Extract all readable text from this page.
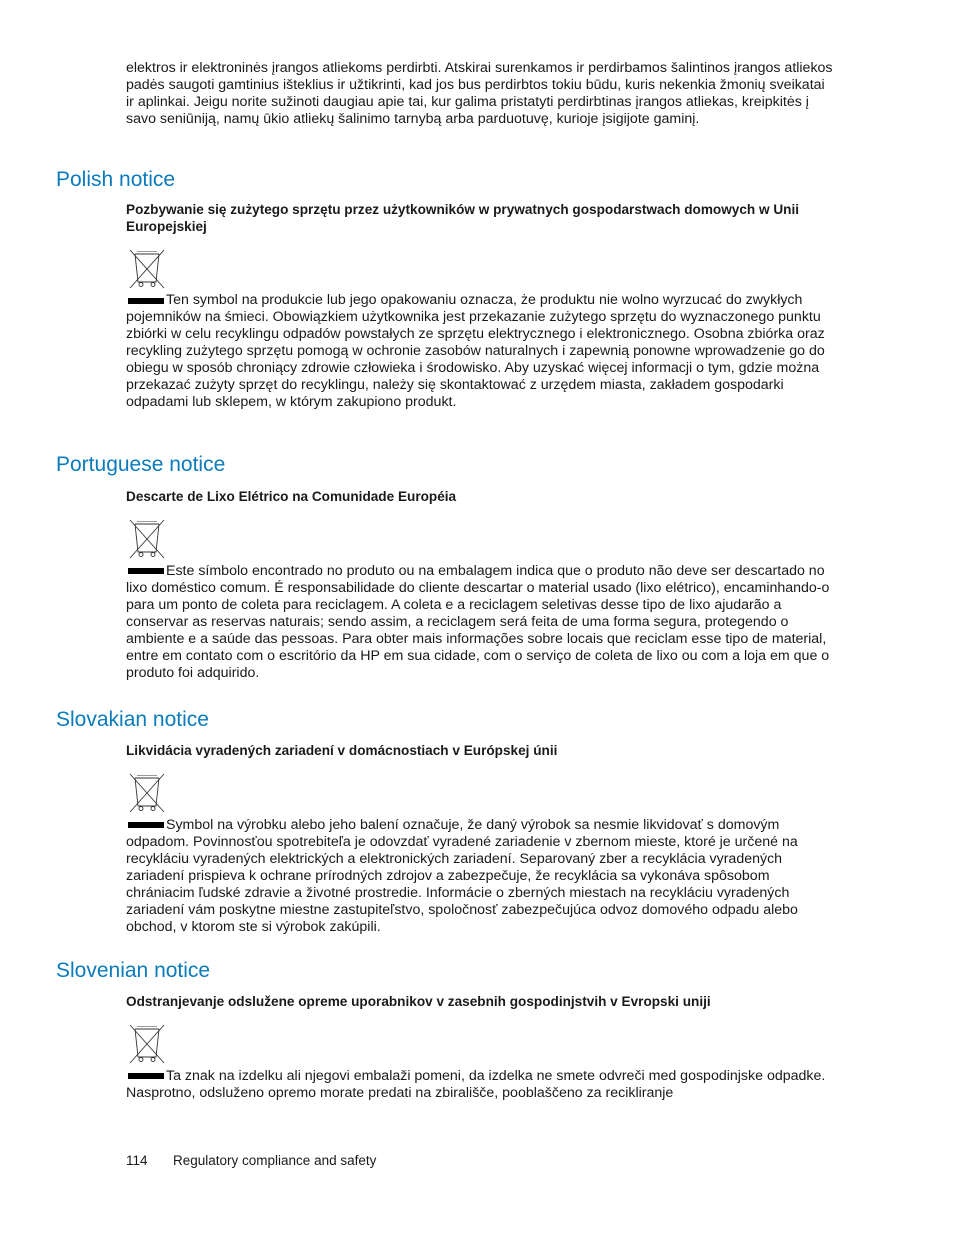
elektros ir elektroninės įrangos atliekoms perdirbti. Atskirai surenkamos ir perdirbamos šalintinos įrangos atliekos padės saugoti gamtinius išteklius ir užtikrinti, kad jos bus perdirbtos tokiu būdu, kuris nekenkia žmonių sveikatai ir aplinkai. Jeigu norite sužinoti daugiau apie tai, kur galima pristatyti perdirbtinas įrangos atliekas, kreipkitės į savo seniūniją, namų ūkio atliekų šalinimo tarnybą arba parduotuvę, kurioje įsigijote gaminį.

Polish notice

Pozbywanie się zużytego sprzętu przez użytkowników w prywatnych gospodarstwach domowych w Unii Europejskiej

Ten symbol na produkcie lub jego opakowaniu oznacza, że produktu nie wolno wyrzucać do zwykłych pojemników na śmieci. Obowiązkiem użytkownika jest przekazanie zużytego sprzętu do wyznaczonego punktu zbiórki w celu recyklingu odpadów powstałych ze sprzętu elektrycznego i elektronicznego. Osobna zbiórka oraz recykling zużytego sprzętu pomogą w ochronie zasobów naturalnych i zapewnią ponowne wprowadzenie go do obiegu w sposób chroniący zdrowie człowieka i środowisko. Aby uzyskać więcej informacji o tym, gdzie można przekazać zużyty sprzęt do recyklingu, należy się skontaktować z urzędem miasta, zakładem gospodarki odpadami lub sklepem, w którym zakupiono produkt.

Portuguese notice

Descarte de Lixo Elétrico na Comunidade Européia

Este símbolo encontrado no produto ou na embalagem indica que o produto não deve ser descartado no lixo doméstico comum. É responsabilidade do cliente descartar o material usado (lixo elétrico), encaminhando-o para um ponto de coleta para reciclagem. A coleta e a reciclagem seletivas desse tipo de lixo ajudarão a conservar as reservas naturais; sendo assim, a reciclagem será feita de uma forma segura, protegendo o ambiente e a saúde das pessoas. Para obter mais informações sobre locais que reciclam esse tipo de material, entre em contato com o escritório da HP em sua cidade, com o serviço de coleta de lixo ou com a loja em que o produto foi adquirido.

Slovakian notice

Likvidácia vyradených zariadení v domácnostiach v Európskej únii

Symbol na výrobku alebo jeho balení označuje, že daný výrobok sa nesmie likvidovať s domovým odpadom. Povinnosťou spotrebiteľa je odovzdať vyradené zariadenie v zbernom mieste, ktoré je určené na recykláciu vyradených elektrických a elektronických zariadení. Separovaný zber a recyklácia vyradených zariadení prispieva k ochrane prírodných zdrojov a zabezpečuje, že recyklácia sa vykonáva spôsobom chrániacim ľudské zdravie a životné prostredie. Informácie o zberných miestach na recykláciu vyradených zariadení vám poskytne miestne zastupiteľstvo, spoločnosť zabezpečujúca odvoz domového odpadu alebo obchod, v ktorom ste si výrobok zakúpili.

Slovenian notice

Odstranjevanje odslužene opreme uporabnikov v zasebnih gospodinjstvih v Evropski uniji

Ta znak na izdelku ali njegovi embalaži pomeni, da izdelka ne smete odvreči med gospodinjske odpadke. Nasprotno, odsluženo opremo morate predati na zbirališče, pooblaščeno za recikliranje

114 Regulatory compliance and safety
